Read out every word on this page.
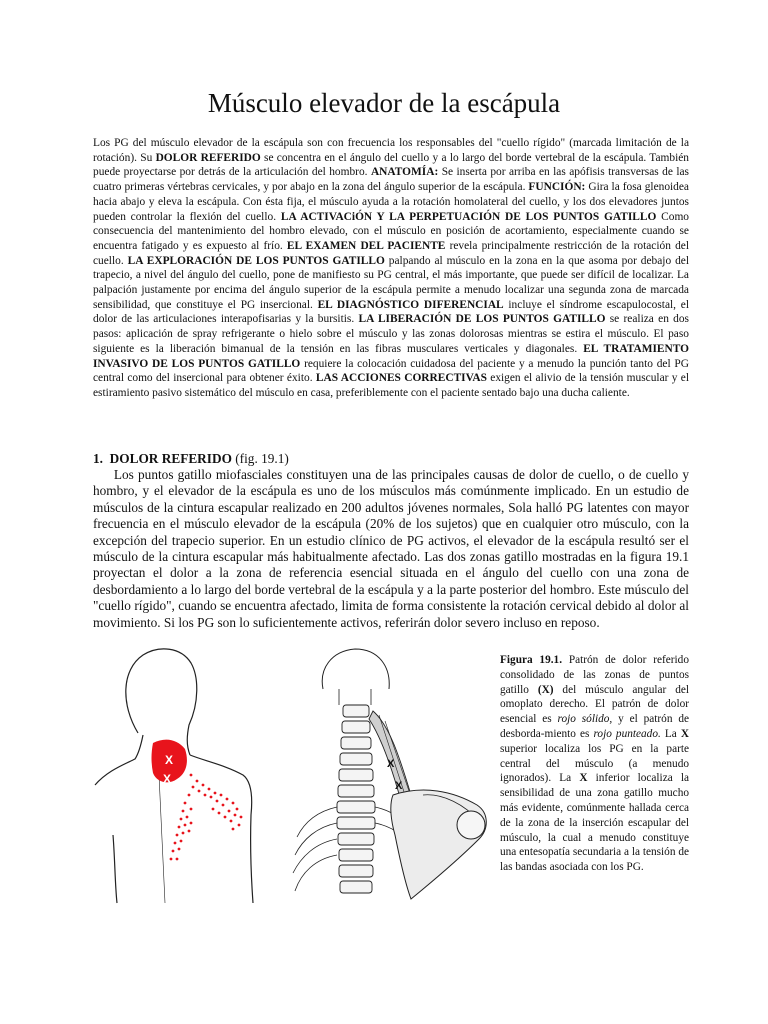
Músculo elevador de la escápula

Los PG del músculo elevador de la escápula son con frecuencia los responsables del "cuello rígido" (marcada limitación de la rotación). Su DOLOR REFERIDO se concentra en el ángulo del cuello y a lo largo del borde vertebral de la escápula. También puede proyectarse por detrás de la articulación del hombro. ANATOMÍA: Se inserta por arriba en las apófisis transversas de las cuatro primeras vértebras cervicales, y por abajo en la zona del ángulo superior de la escápula. FUNCIÓN: Gira la fosa glenoidea hacia abajo y eleva la escápula. Con ésta fija, el músculo ayuda a la rotación homolateral del cuello, y los dos elevadores juntos pueden controlar la flexión del cuello. LA ACTIVACiÓN Y LA PERPETUACIÓN DE LOS PUNTOS GATILLO Como consecuencia del mantenimiento del hombro elevado, con el músculo en posición de acortamiento, especialmente cuando se encuentra fatigado y es expuesto al frío. EL EXAMEN DEL PACIENTE revela principalmente restricción de la rotación del cuello. LA EXPLORACIÓN DE LOS PUNTOS GATILLO palpando al músculo en la zona en la que asoma por debajo del trapecio, a nivel del ángulo del cuello, pone de manifiesto su PG central, el más importante, que puede ser difícil de localizar. La palpación justamente por encima del ángulo superior de la escápula permite a menudo localizar una segunda zona de marcada sensibilidad, que constituye el PG insercional. EL DIAGNÓSTICO DIFERENCIAL incluye el síndrome escapulocostal, el dolor de las articulaciones interapofisarias y la bursitis. LA LIBERACIÓN DE LOS PUNTOS GATILLO se realiza en dos pasos: aplicación de spray refrigerante o hielo sobre el músculo y las zonas dolorosas mientras se estira el músculo. El paso siguiente es la liberación bimanual de la tensión en las fibras musculares verticales y diagonales. EL TRATAMIENTO INVASIVO DE LOS PUNTOS GATILLO requiere la colocación cuidadosa del paciente y a menudo la punción tanto del PG central como del insercional para obtener éxito. LAS ACCIONES CORRECTIVAS exigen el alivio de la tensión muscular y el estiramiento pasivo sistemático del músculo en casa, preferiblemente con el paciente sentado bajo una ducha caliente.

1. DOLOR REFERIDO (fig. 19.1)

Los puntos gatillo miofasciales constituyen una de las principales causas de dolor de cuello, o de cuello y hombro, y el elevador de la escápula es uno de los músculos más comúnmente implicado. En un estudio de músculos de la cintura escapular realizado en 200 adultos jóvenes normales, Sola halló PG latentes con mayor frecuencia en el músculo elevador de la escápula (20% de los sujetos) que en cualquier otro músculo, con la excepción del trapecio superior. En un estudio clínico de PG activos, el elevador de la escápula resultó ser el músculo de la cintura escapular más habitualmente afectado. Las dos zonas gatillo mostradas en la figura 19.1 proyectan el dolor a la zona de referencia esencial situada en el ángulo del cuello con una zona de desbordamiento a lo largo del borde vertebral de la escápula y a la parte posterior del hombro. Este músculo del "cuello rígido", cuando se encuentra afectado, limita de forma consistente la rotación cervical debido al dolor al movimiento. Si los PG son lo suficientemente activos, referirán dolor severo incluso en reposo.

X
X
X
X

Figura 19.1. Patrón de dolor referido consolidado de las zonas de puntos gatillo (X) del músculo angular del omoplato derecho. El patrón de dolor esencial es rojo sólido, y el patrón de desborda-miento es rojo punteado. La X superior localiza los PG en la parte central del músculo (a menudo ignorados). La X inferior localiza la sensibilidad de una zona gatillo mucho más evidente, comúnmente hallada cerca de la zona de la inserción escapular del músculo, la cual a menudo constituye una entesopatía secundaria a la tensión de las bandas asociada con los PG.
